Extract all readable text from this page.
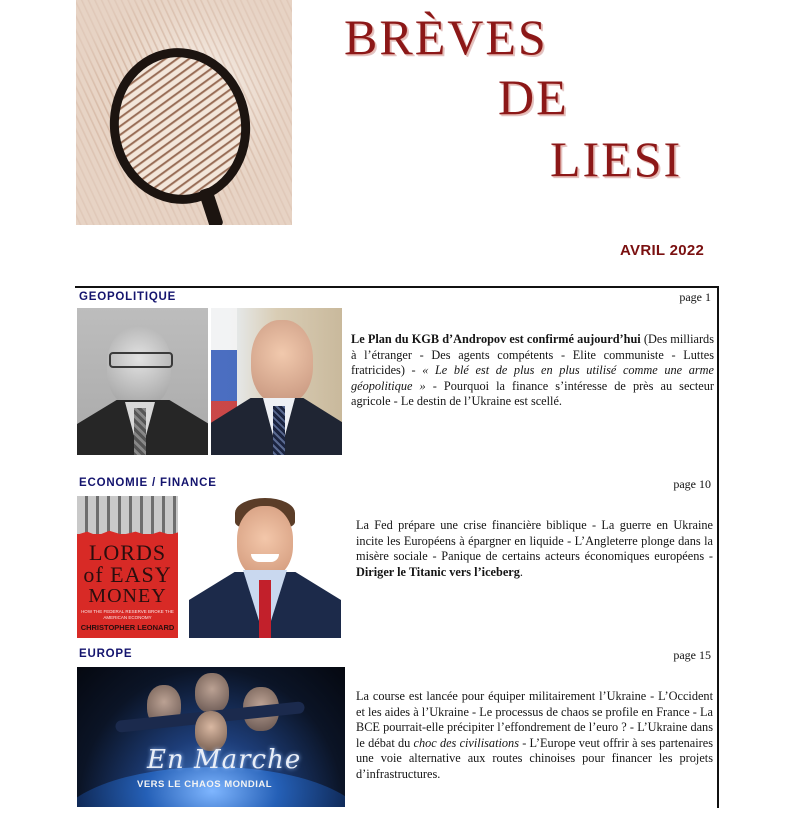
BRÈVES
DE
LIESI
AVRIL 2022
GEOPOLITIQUE	page 1
Le Plan du KGB d’Andropov est confirmé aujourd’hui (Des milliards à l’étranger - Des agents compétents - Elite communiste - Luttes fratricides) - « Le blé est de plus en plus utilisé comme une arme géopolitique » - Pourquoi la finance s’intéresse de près au secteur agricole - Le destin de l’Ukraine est scellé.
ECONOMIE / FINANCE	page 10
LORDS
of EASY
MONEY
HOW THE FEDERAL RESERVE BROKE THE AMERICAN ECONOMY
CHRISTOPHER LEONARD
La Fed prépare une crise financière biblique - La guerre en Ukraine incite les Européens à épargner en liquide - L’Angleterre plonge dans la misère sociale - Panique de certains acteurs économiques européens - Diriger le Titanic vers l’iceberg.
EUROPE	page 15
En Marche
VERS LE CHAOS MONDIAL
La course est lancée pour équiper militairement l’Ukraine - L’Occident et les aides à l’Ukraine - Le processus de chaos se profile en France - La BCE pourrait-elle précipiter l’effondrement de l’euro ? - L’Ukraine dans le débat du choc des civilisations - L’Europe veut offrir à ses partenaires une voie alternative aux routes chinoises pour financer les projets d’infrastructures.
